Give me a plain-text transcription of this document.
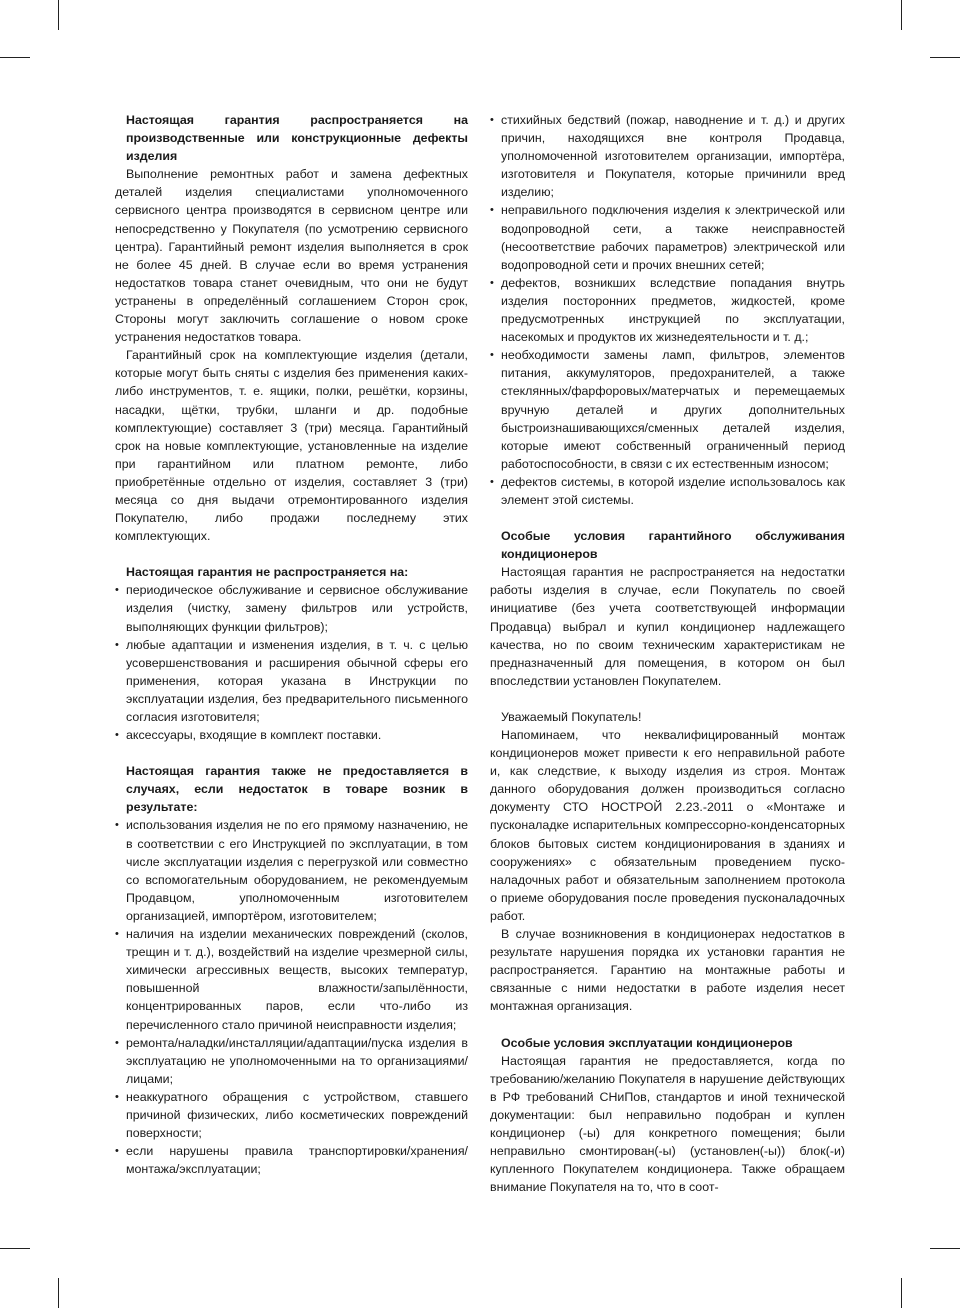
Настоящая гарантия распространяется на производственные или конструкционные дефекты изделия

Выполнение ремонтных работ и замена дефектных деталей изделия специалистами уполномоченного сервисного центра производятся в сервисном центре или непосредственно у Покупателя (по усмотрению сервисного центра). Гарантийный ремонт изделия выполняется в срок не более 45 дней. В случае если во время устранения недостатков товара станет очевидным, что они не будут устранены в определённый соглашением Сторон срок, Стороны могут заключить соглашение о новом сроке устранения недостатков товара.

Гарантийный срок на комплектующие изделия (детали, которые могут быть сняты с изделия без применения каких-либо инструментов, т. е. ящики, полки, решётки, корзины, насадки, щётки, трубки, шланги и др. подобные комплектующие) составляет 3 (три) месяца. Гарантийный срок на новые комплектующие, установленные на изделие при гарантийном или платном ремонте, либо приобретённые отдельно от изделия, составляет 3 (три) месяца со дня выдачи отремонтированного изделия Покупателю, либо продажи последнему этих комплектующих.

Настоящая гарантия не распространяется на:

• периодическое обслуживание и сервисное обслуживание изделия (чистку, замену фильтров или устройств, выполняющих функции фильтров);
• любые адаптации и изменения изделия, в т. ч. с целью усовершенствования и расширения обычной сферы его применения, которая указана в Инструкции по эксплуатации изделия, без предварительного письменного согласия изготовителя;
• аксессуары, входящие в комплект поставки.

Настоящая гарантия также не предоставляется в случаях, если недостаток в товаре возник в результате:

• использования изделия не по его прямому назначению, не в соответствии с его Инструкцией по эксплуатации, в том числе эксплуатации изделия с перегрузкой или совместно со вспомогательным оборудованием, не рекомендуемым Продавцом, уполномоченным изготовителем организацией, импортёром, изготовителем;
• наличия на изделии механических повреждений (сколов, трещин и т. д.), воздействий на изделие чрезмерной силы, химически агрессивных веществ, высоких температур, повышенной влажности/запылённости, концентрированных паров, если что-либо из перечисленного стало причиной неисправности изделия;
• ремонта/наладки/инсталляции/адаптации/пуска изделия в эксплуатацию не уполномоченными на то организациями/ лицами;
• неаккуратного обращения с устройством, ставшего причиной физических, либо косметических повреждений поверхности;
• если нарушены правила транспортировки/хранения/монтажа/эксплуатации;
• стихийных бедствий (пожар, наводнение и т. д.) и других причин, находящихся вне контроля Продавца, уполномоченной изготовителем организации, импортёра, изготовителя и Покупателя, которые причинили вред изделию;
• неправильного подключения изделия к электрической или водопроводной сети, а также неисправностей (несоответствие рабочих параметров) электрической или водопроводной сети и прочих внешних сетей;
• дефектов, возникших вследствие попадания внутрь изделия посторонних предметов, жидкостей, кроме предусмотренных инструкцией по эксплуатации, насекомых и продуктов их жизнедеятельности и т. д.;
• необходимости замены ламп, фильтров, элементов питания, аккумуляторов, предохранителей, а также стеклянных/фарфоровых/матерчатых и перемещаемых вручную деталей и других дополнительных быстроизнашивающихся/сменных деталей изделия, которые имеют собственный ограниченный период работоспособности, в связи с их естественным износом;
• дефектов системы, в которой изделие использовалось как элемент этой системы.

Особые условия гарантийного обслуживания кондиционеров

Настоящая гарантия не распространяется на недостатки работы изделия в случае, если Покупатель по своей инициативе (без учета соответствующей информации Продавца) выбрал и купил кондиционер надлежащего качества, но по своим техническим характеристикам не предназначенный для помещения, в котором он был впоследствии установлен Покупателем.

Уважаемый Покупатель!

Напоминаем, что неквалифицированный монтаж кондиционеров может привести к его неправильной работе и, как следствие, к выходу изделия из строя. Монтаж данного оборудования должен производиться согласно документу СТО НОСТРОЙ 2.23.-2011 о «Монтаже и пусконаладке испарительных компрессорно-конденсаторных блоков бытовых систем кондиционирования в зданиях и сооружениях» с обязательным проведением пуско-наладочных работ и обязательным заполнением протокола о приеме оборудования после проведения пусконаладочных работ.

В случае возникновения в кондиционерах недостатков в результате нарушения порядка их установки гарантия не распространяется. Гарантию на монтажные работы и связанные с ними недостатки в работе изделия несет монтажная организация.

Особые условия эксплуатации кондиционеров

Настоящая гарантия не предоставляется, когда по требованию/желанию Покупателя в нарушение действующих в РФ требований СНиПов, стандартов и иной технической документации: был неправильно подобран и куплен кондиционер (-ы) для конкретного помещения; были неправильно смонтирован(-ы) (установлен(-ы)) блок(-и) купленного Покупателем кондиционера. Также обращаем внимание Покупателя на то, что в соот-
